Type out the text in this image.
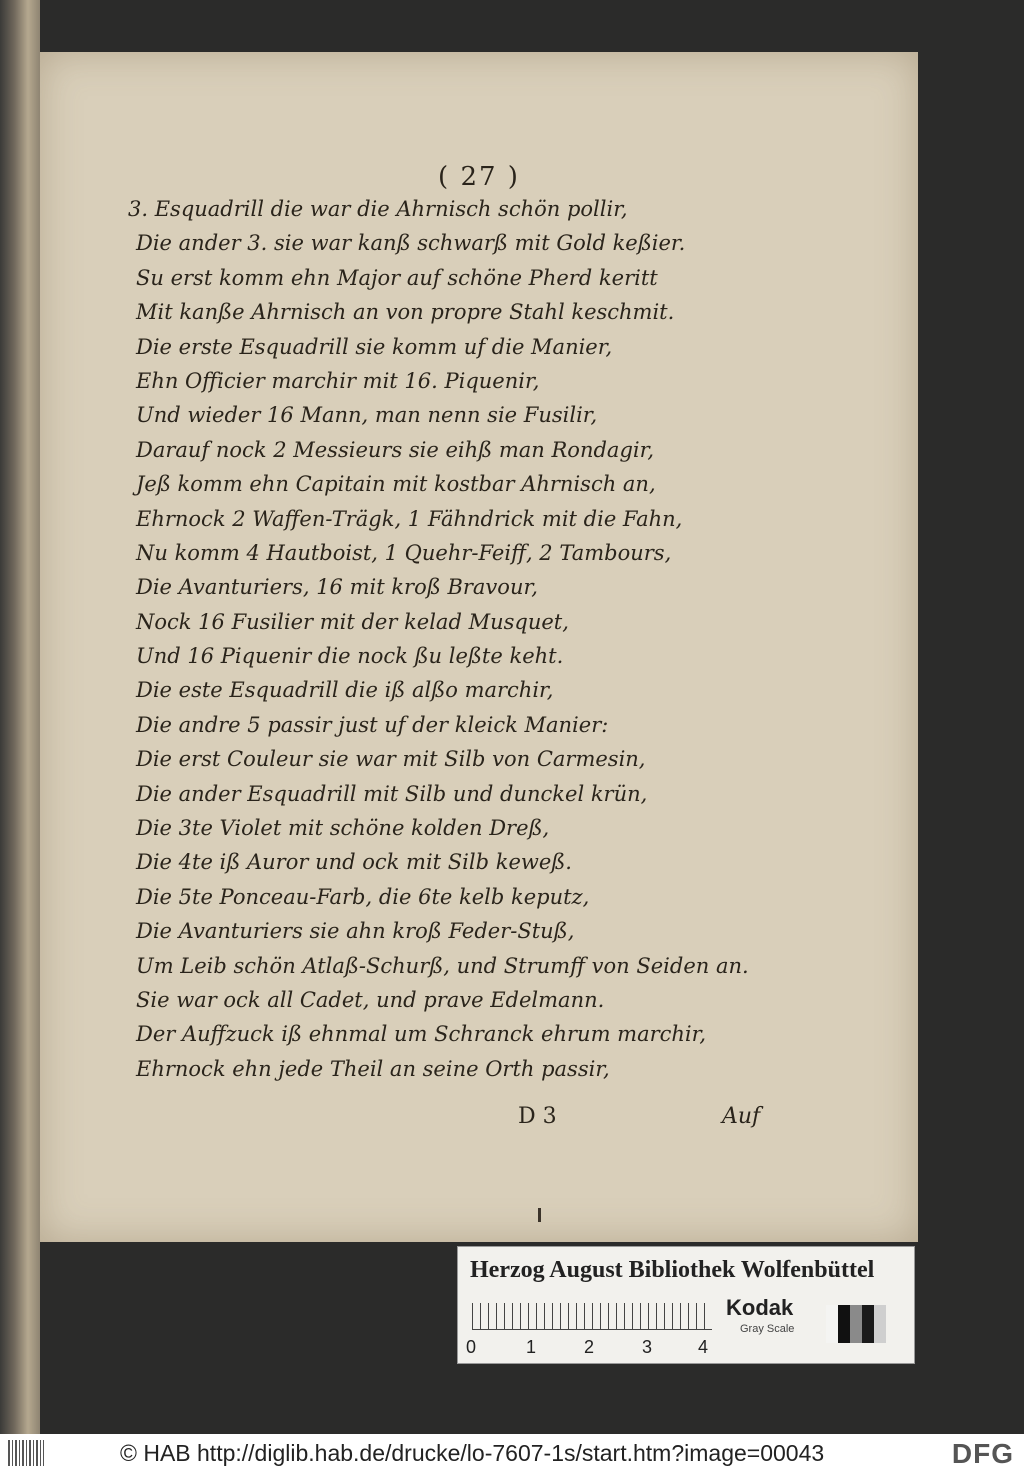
( 27 )
3. Esquadrill die war die Ahrnisch schön pollir,
Die ander 3. sie war kanß schwarß mit Gold keßier.
Su erst komm ehn Major auf schöne Pherd keritt
Mit kanße Ahrnisch an von propre Stahl keschmit.
Die erste Esquadrill sie komm uf die Manier,
Ehn Officier marchir mit 16. Piquenir,
Und wieder 16 Mann, man nenn sie Fusilir,
Darauf nock 2 Messieurs sie eihß man Rondagir,
Jeß komm ehn Capitain mit kostbar Ahrnisch an,
Ehrnock 2 Waffen-Trägk, 1 Fähndrick mit die Fahn,
Nu komm 4 Hautboist, 1 Quehr-Feiff, 2 Tambours,
Die Avanturiers, 16 mit kroß Bravour,
Nock 16 Fusilier mit der kelad Musquet,
Und 16 Piquenir die nock ßu leßte keht.
Die este Esquadrill die iß alßo marchir,
Die andre 5 passir just uf der kleick Manier:
Die erst Couleur sie war mit Silb von Carmesin,
Die ander Esquadrill mit Silb und dunckel krün,
Die 3te Violet mit schöne kolden Dreß,
Die 4te iß Auror und ock mit Silb keweß.
Die 5te Ponceau-Farb, die 6te kelb keputz,
Die Avanturiers sie ahn kroß Feder-Stuß,
Um Leib schön Atlaß-Schurß, und Strumff von Seiden an.
Sie war ock all Cadet, und prave Edelmann.
Der Auffzuck iß ehnmal um Schranck ehrum marchir,
Ehrnock ehn jede Theil an seine Orth passir,
D 3	Auf
Herzog August Bibliothek Wolfenbüttel
0	1	2	3	4
Kodak
Gray Scale
© HAB http://diglib.hab.de/drucke/lo-7607-1s/start.htm?image=00043	DFG
